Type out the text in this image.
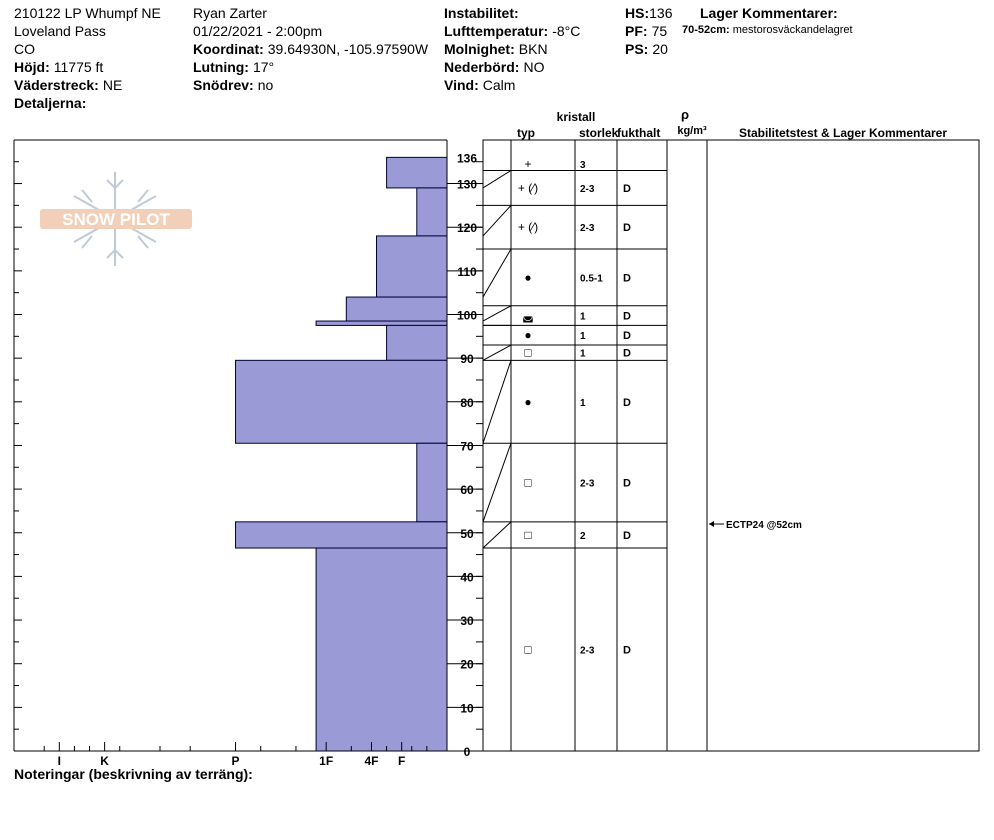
210122 LP Whumpf NE
Loveland Pass
CO
Höjd: 11775 ft
Väderstreck: NE
Detaljerna:
Ryan Zarter
01/22/2021 - 2:00pm
Koordinat: 39.64930N, -105.97590W
Lutning: 17°
Snödrev: no
Instabilitet:
Lufttemperatur: -8°C
Molnighet: BKN
Nederbörd: NO
Vind: Calm
HS:136
PF: 75
PS: 20
Lager Kommentarer:
70-52cm: mestorosväckandelagret
SNOW PILOT
I	K	P	1F	4F F
0
10
20
30
40
50
60
70
80
90
100
110
120
130
136
kristall
typ	storlek
fukthalt
ρ
kg/m³	Stabilitetstest & Lager Kommentarer
+	3
+ (⁄)	2-3	D
+ (⁄)	2-3	D
●	0.5-1 D
◛	1	D
●	1	D
□	1	D
●	1	D
□	2-3	D
□	2	D
□	2-3	D
ECTP24 @52cm
Noteringar (beskrivning av terräng):
